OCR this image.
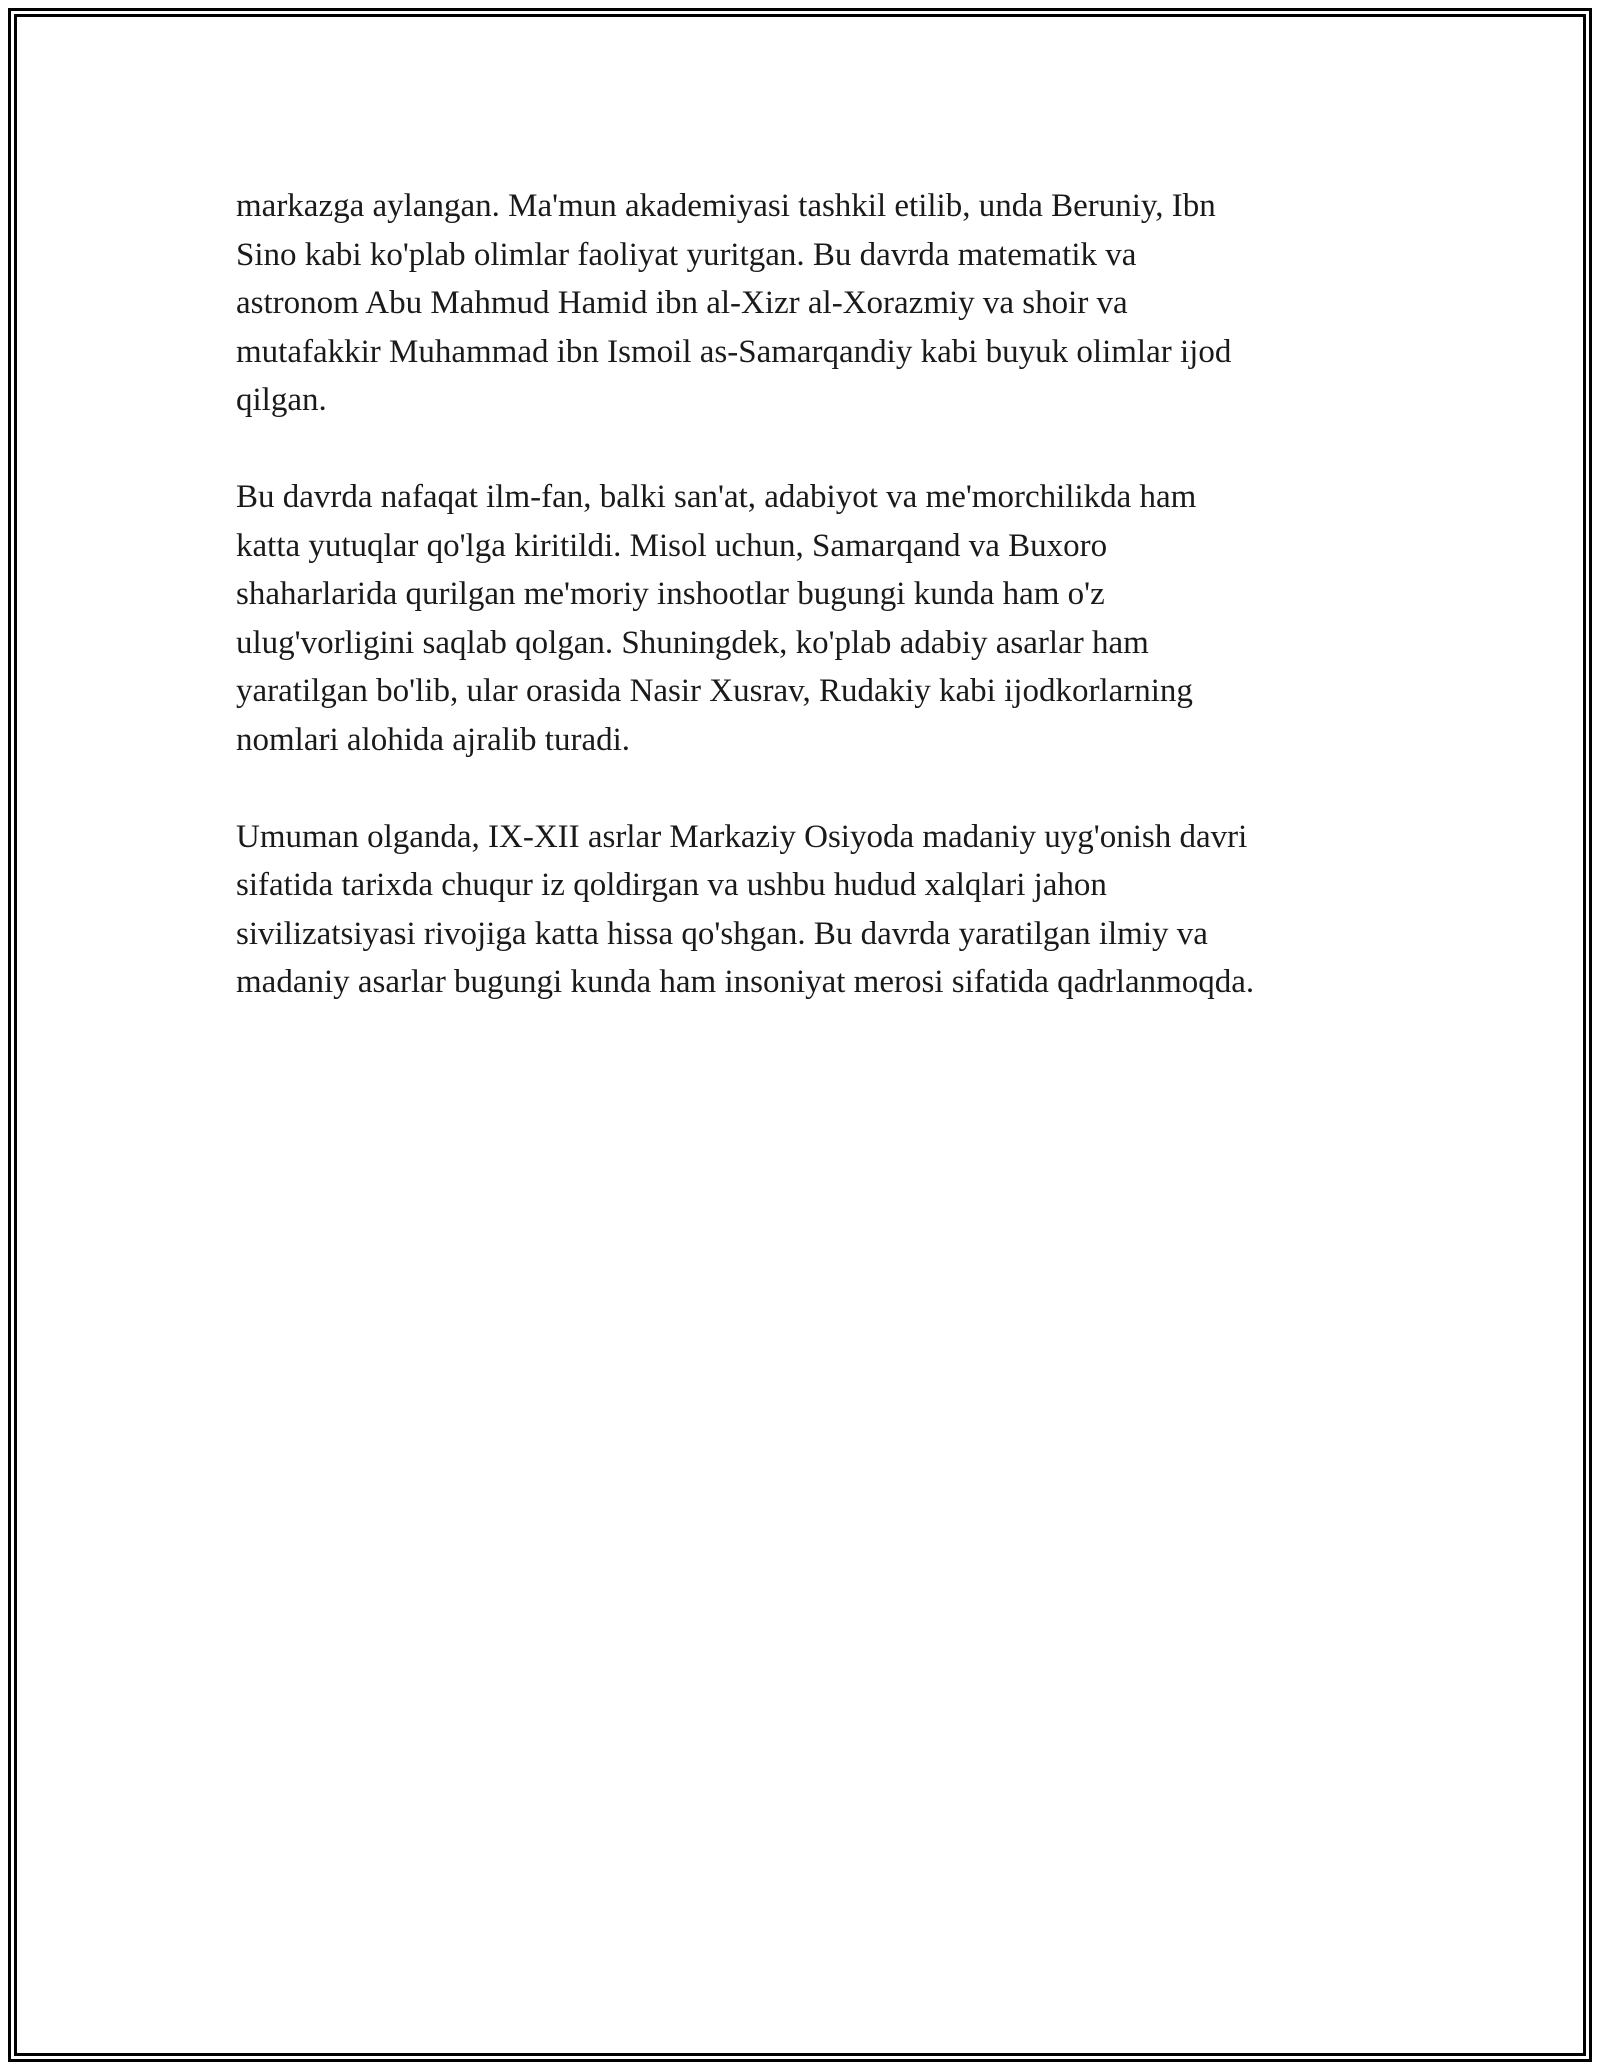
markazga aylangan. Ma'mun akademiyasi tashkil etilib, unda Beruniy, Ibn
Sino kabi ko'plab olimlar faoliyat yuritgan. Bu davrda matematik va
astronom Abu Mahmud Hamid ibn al-Xizr al-Xorazmiy va shoir va
mutafakkir Muhammad ibn Ismoil as-Samarqandiy kabi buyuk olimlar ijod
qilgan.

Bu davrda nafaqat ilm-fan, balki san'at, adabiyot va me'morchilikda ham
katta yutuqlar qo'lga kiritildi. Misol uchun, Samarqand va Buxoro
shaharlarida qurilgan me'moriy inshootlar bugungi kunda ham o'z
ulug'vorligini saqlab qolgan. Shuningdek, ko'plab adabiy asarlar ham
yaratilgan bo'lib, ular orasida Nasir Xusrav, Rudakiy kabi ijodkorlarning
nomlari alohida ajralib turadi.

Umuman olganda, IX-XII asrlar Markaziy Osiyoda madaniy uyg'onish davri
sifatida tarixda chuqur iz qoldirgan va ushbu hudud xalqlari jahon
sivilizatsiyasi rivojiga katta hissa qo'shgan. Bu davrda yaratilgan ilmiy va
madaniy asarlar bugungi kunda ham insoniyat merosi sifatida qadrlanmoqda.
